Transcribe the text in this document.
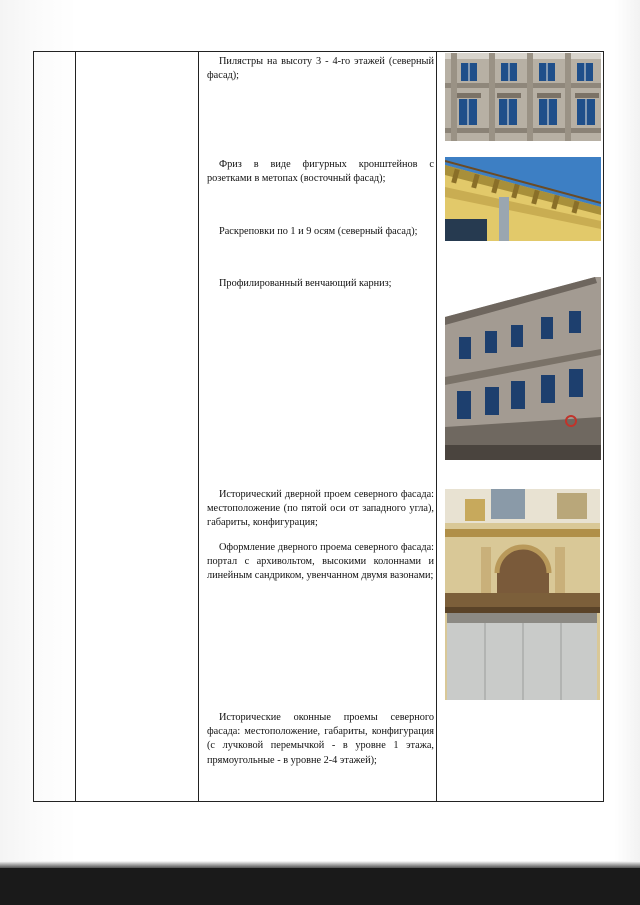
Пилястры на высоту 3 - 4-го этажей (северный фасад);
Фриз в виде фигурных кронштейнов с розетками в метопах (восточный фасад);
Раскреповки по 1 и 9 осям (северный фасад);
Профилированный венчающий карниз;
Исторический дверной проем северного фасада: местоположение (по пятой оси от западного угла), габариты, конфигурация;
Оформление дверного проема северного фасада: портал с архивольтом, высокими колоннами и линейным сандриком, увенчанном двумя вазонами;
Исторические оконные проемы северного фасада: местоположение, габариты, конфигурация (с лучковой перемычкой - в уровне 1 этажа, прямоугольные - в уровне 2-4 этажей);
